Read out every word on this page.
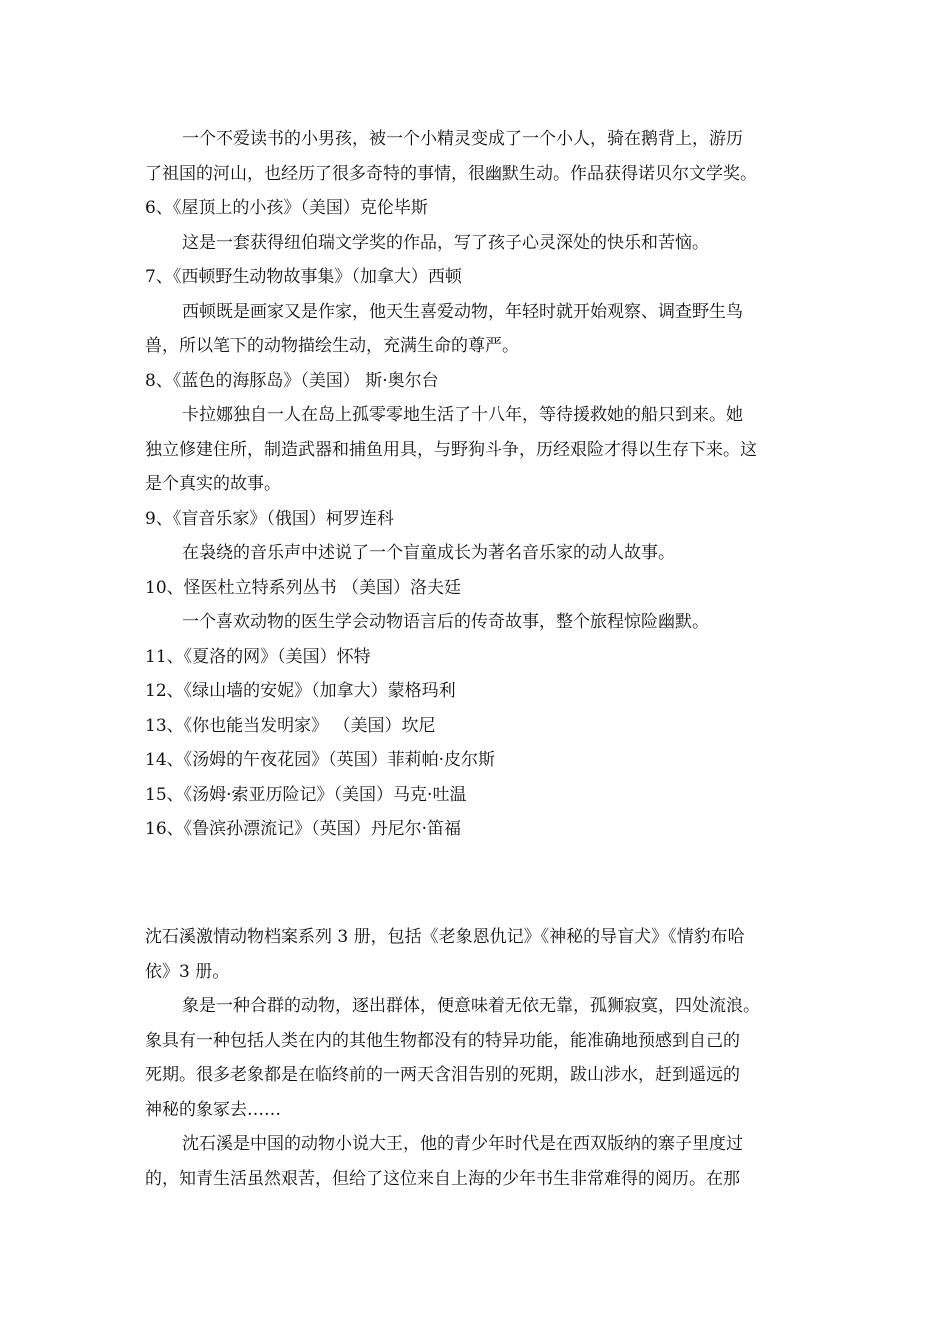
一个不爱读书的小男孩，被一个小精灵变成了一个小人，骑在鹅背上，游历
了祖国的河山，也经历了很多奇特的事情，很幽默生动。作品获得诺贝尔文学奖。
6、《屋顶上的小孩》（美国）克伦毕斯
这是一套获得纽伯瑞文学奖的作品，写了孩子心灵深处的快乐和苦恼。
7、《西顿野生动物故事集》（加拿大）西顿
西顿既是画家又是作家，他天生喜爱动物，年轻时就开始观察、调查野生鸟
兽，所以笔下的动物描绘生动，充满生命的尊严。
8、《蓝色的海豚岛》（美国） 斯·奥尔台
卡拉娜独自一人在岛上孤零零地生活了十八年，等待援救她的船只到来。她
独立修建住所，制造武器和捕鱼用具，与野狗斗争，历经艰险才得以生存下来。这
是个真实的故事。
9、《盲音乐家》（俄国）柯罗连科
在袅绕的音乐声中述说了一个盲童成长为著名音乐家的动人故事。
10、怪医杜立特系列丛书 （美国）洛夫廷
一个喜欢动物的医生学会动物语言后的传奇故事，整个旅程惊险幽默。
11、《夏洛的网》（美国）怀特
12、《绿山墙的安妮》（加拿大）蒙格玛利
13、《你也能当发明家》 （美国）坎尼
14、《汤姆的午夜花园》（英国）菲莉帕·皮尔斯
15、《汤姆·索亚历险记》（美国）马克·吐温
16、《鲁滨孙漂流记》（英国）丹尼尔·笛福
沈石溪激情动物档案系列 3 册，包括《老象恩仇记》《神秘的导盲犬》《情豹布哈
依》3 册。
象是一种合群的动物，逐出群体，便意味着无依无靠，孤狮寂寞，四处流浪。
象具有一种包括人类在内的其他生物都没有的特异功能，能准确地预感到自己的
死期。很多老象都是在临终前的一两天含泪告别的死期，跋山涉水，赶到遥远的
神秘的象冢去……
沈石溪是中国的动物小说大王，他的青少年时代是在西双版纳的寨子里度过
的，知青生活虽然艰苦，但给了这位来自上海的少年书生非常难得的阅历。在那
